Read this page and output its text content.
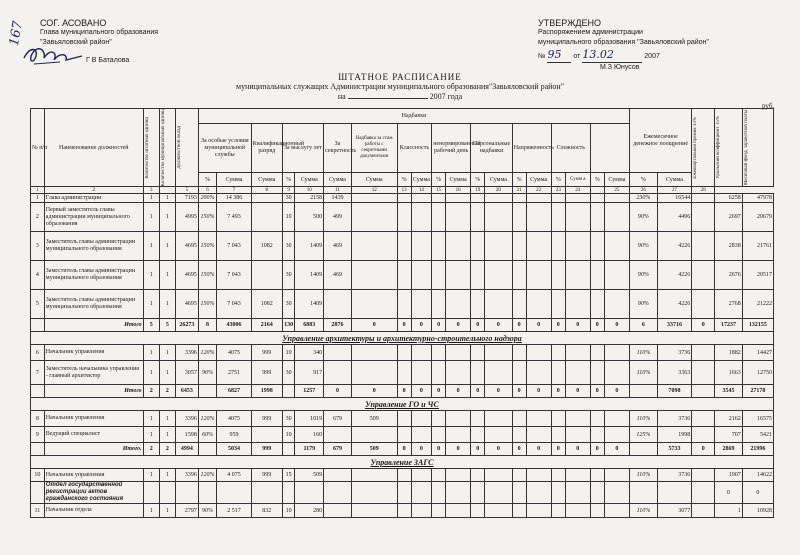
167 СОГ. АСОВАНО
Глава муниципального образования
"Завьяловский район"
Г В Баталова
УТВЕРЖДЕНО
Распоряжением администрации
муниципального образования "Завьяловский район"
№ 95 от 13.02	2007
М.З Юнусов
ШТАТНОЕ РАСПИСАНИЕ
муниципальных служащих Администрации муниципального образования"Завьяловский район"
на	2007 года
руб.
№ п/п	Наименование должностей	Количество штатных единиц	Количество муниципальных единиц	Должностной оклад	Надбавки																			Ежемесячное денежное поощрение		Ежеквартальная премия 33%	Уральский коэффициент 15%	Месячный фонд, заработной платы

					За особые условия муниципальной службы		Квалификационный разряд	За выслугу лет		За секретность	Надбавка за стаж работы с секретными документами	Классность		ненормированный рабочий день		Персональные надбавки		Напряженность		Сложность								
					%	Сумма	Сумма	%	Сумма	Сумма	Сумма	%	Сумма	%	Сумма	%	Сумма	%	Сумма	%	Сумм а	%	Сумма	%	Сумма			
1	2	3		5	6	7	8	9	10	11	12	13	14	15	16	19	20	21	22	23	24		25	26	27	28		
1	Глава администрации	1	1	7193	200%	14 386		30	2158	1439														230%	16544		6258	47978
2	Первый заместитель главы администрации муниципального образования	1	1	4995	150%	7 493		10	500	499														90%	4496		2697	20679
3	Заместитель главы администрации муниципального образования	1	1	4695	150%	7 043	1082	30	1409	469														90%	4226		2838	21761
4	Заместитель главы администрации муниципального образования	1	1	4695	150%	7 043		30	1409	469														90%	4226		2676	20517
5	Заместитель главы администрации муниципального образования	1	1	4695	150%	7 043	1082	30	1409															90%	4226		2768	21222
	Итого	5	5	26273	8	43006	2164	130	6883	2876	0	0	0	0	0	0	0	0	0	0	0	0	0	6	33716	0	17237	132155
Управление архитектуры и архитектурно-строительного надзора																												
6	Начальник управления	1	1	3396	120%	4075	999	10	340															110%	3736		1882	14427
7	Заместитель начальника управления - главный архитектор	1	1	3057	90%	2751	999	30	917															110%	3363		1663	12750
	Итого	2	2	6453		6827	1998		1257	0	0	0	0	0	0	0	0	0	0	0	0	0	0		7098		3545	27178
Управление ГО и ЧС																												
8	Начальник управления	1	1	3396	120%	4075	999	30	1019	679	509													110%	3736		2162	16575
9	Ведущий специалист	1	1	1598	60%	959		10	160															125%	1998		707	5421
	Итого.	2	2	4994		5034	999		1179	679	509	0	0	0	0	0	0	0	0	0	0	0	0		5733	0	2869	21996
Управление ЗАГС																												
10	Начальник управления	1	1	3396	120%	4 075	999	15	509															110%	3736		1907	14622
	Отдел государственной регистрации актов гражданского состояния																										0	0
11	Начальник отдела	1	1	2797	90%	2 517	832	10	280															110%	3077		1	10928
